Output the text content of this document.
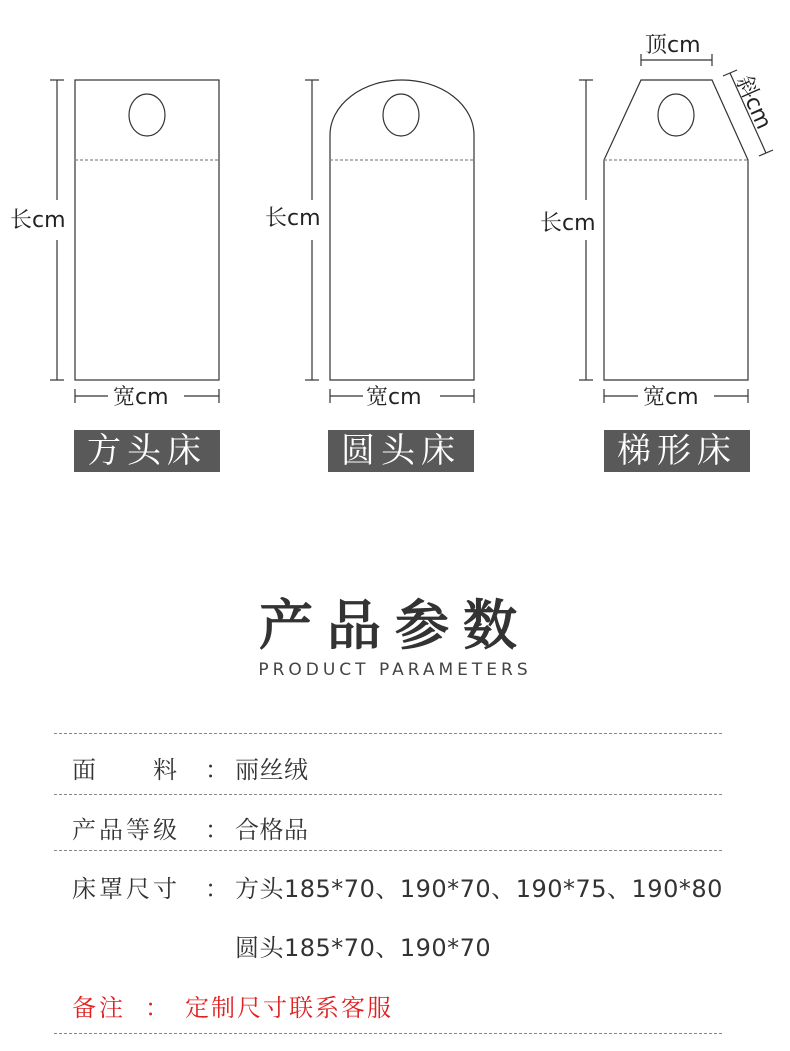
长cm
宽cm
长cm
宽cm
顶cm
斜cm
长cm
宽cm
方头床	圆头床	梯形床
产品参数
PRODUCT PARAMETERS
面　　料 ： 丽丝绒
产品等级 ： 合格品
床罩尺寸 ： 方头185*70、190*70、190*75、190*80
圆头185*70、190*70
备注 ： 定制尺寸联系客服
